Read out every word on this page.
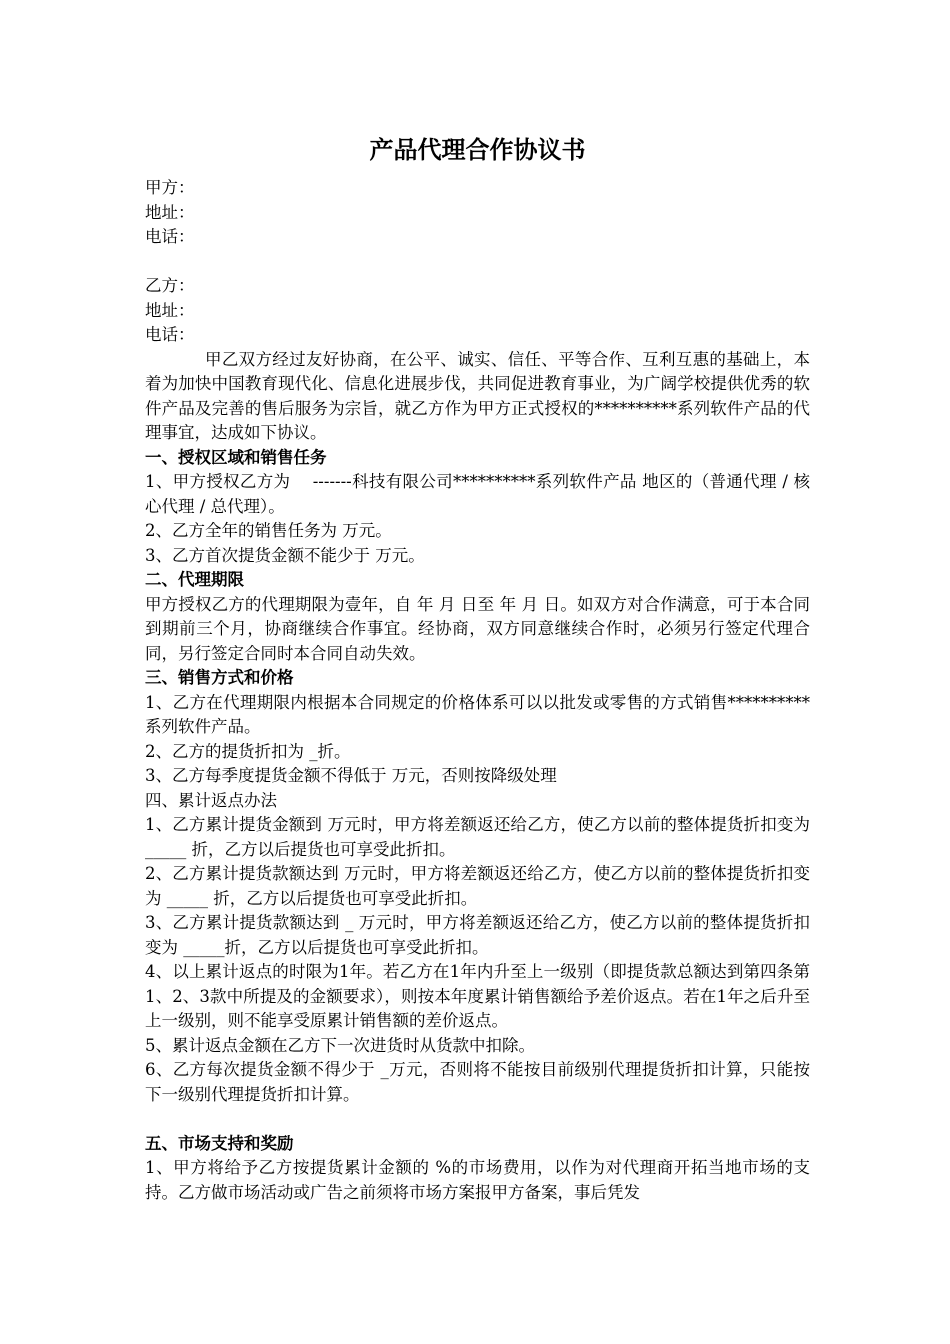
产品代理合作协议书
甲方：
地址：
电话：
乙方：
地址：
电话：
甲乙双方经过友好协商，在公平、诚实、信任、平等合作、互利互惠的基础上，本着为加快中国教育现代化、信息化进展步伐，共同促进教育事业，为广阔学校提供优秀的软件产品及完善的售后服务为宗旨，就乙方作为甲方正式授权的**********系列软件产品的代理事宜，达成如下协议。
一、授权区域和销售任务
1、甲方授权乙方为　 -------科技有限公司**********系列软件产品 地区的（普通代理 / 核心代理 / 总代理）。
2、乙方全年的销售任务为 万元。
3、乙方首次提货金额不能少于 万元。
二、代理期限
甲方授权乙方的代理期限为壹年，自 年 月 日至 年 月 日。如双方对合作满意，可于本合同到期前三个月，协商继续合作事宜。经协商，双方同意继续合作时，必须另行签定代理合同，另行签定合同时本合同自动失效。
三、销售方式和价格
1、乙方在代理期限内根据本合同规定的价格体系可以以批发或零售的方式销售**********系列软件产品。
2、乙方的提货折扣为 _折。
3、乙方每季度提货金额不得低于 万元，否则按降级处理
四、累计返点办法
1、乙方累计提货金额到 万元时，甲方将差额返还给乙方，使乙方以前的整体提货折扣变为 _____ 折，乙方以后提货也可享受此折扣。
2、乙方累计提货款额达到 万元时，甲方将差额返还给乙方，使乙方以前的整体提货折扣变为 _____ 折，乙方以后提货也可享受此折扣。
3、乙方累计提货款额达到 _ 万元时，甲方将差额返还给乙方，使乙方以前的整体提货折扣变为 _____折，乙方以后提货也可享受此折扣。
4、以上累计返点的时限为1年。若乙方在1年内升至上一级别（即提货款总额达到第四条第1、2、3款中所提及的金额要求），则按本年度累计销售额给予差价返点。若在1年之后升至上一级别，则不能享受原累计销售额的差价返点。
5、累计返点金额在乙方下一次进货时从货款中扣除。
6、乙方每次提货金额不得少于 _万元，否则将不能按目前级别代理提货折扣计算，只能按下一级别代理提货折扣计算。
五、市场支持和奖励
1、甲方将给予乙方按提货累计金额的 %的市场费用，以作为对代理商开拓当地市场的支持。乙方做市场活动或广告之前须将市场方案报甲方备案，事后凭发
